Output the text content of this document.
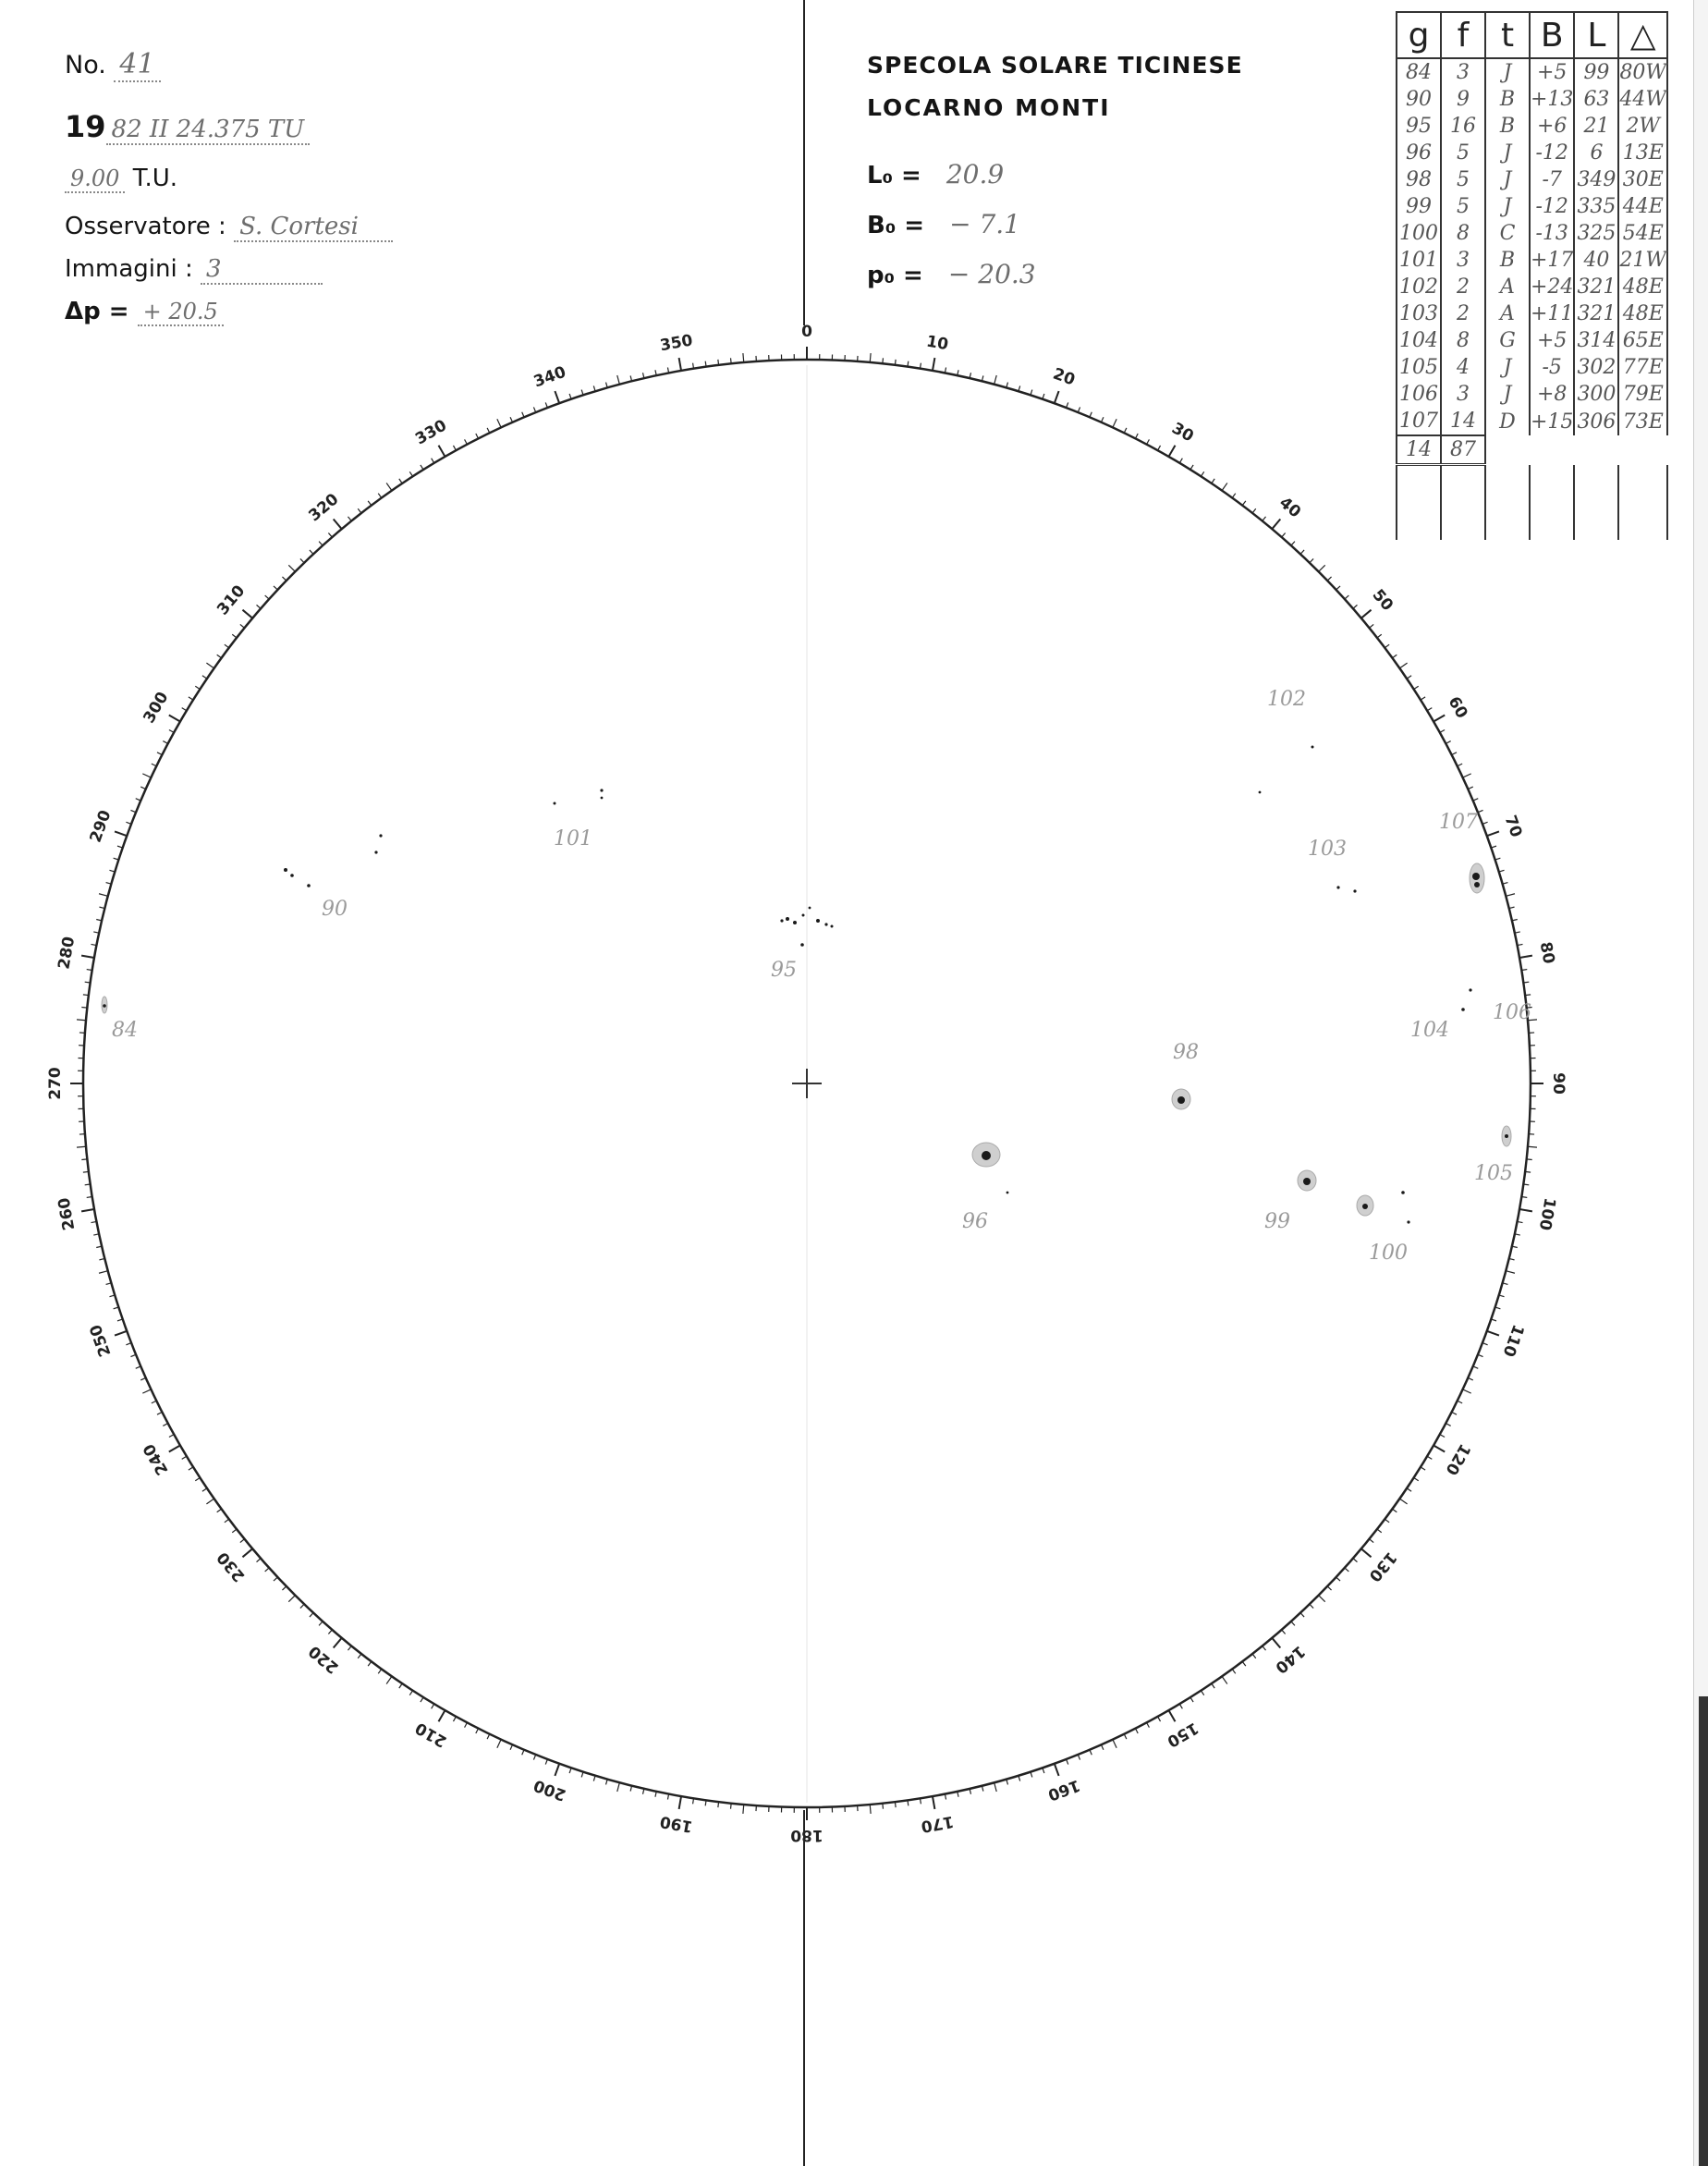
No. 41
19 82 II 24.375 TU
9.00 T.U.
Osservatore : S. Cortesi
Immagini : 3
Δp = + 20.5
SPECOLA SOLARE TICINESE
LOCARNO MONTI
L₀ = 20.9
B₀ = − 7.1
p₀ = − 20.3
g	f	t	B	L	△
84	3	J	+5	99	80W
90	9	B	+13	63	44W
95	16	B	+6	21	2W
96	5	J	-12	6	13E
98	5	J	-7	349	30E
99	5	J	-12	335	44E
100	8	C	-13	325	54E
101	3	B	+17	40	21W
102	2	A	+24	321	48E
103	2	A	+11	321	48E
104	8	G	+5	314	65E
105	4	J	-5	302	77E
106	3	J	+8	300	79E
107	14	D	+15	306	73E
14	87				

0
10
20
30
40
50
60
70
80
90
100
110
120
130
140
150
160
170
180
190
200
210
220
230
240
250
260
270
280
290
300
310
320
330
340
350
84
90
95
96
98
99
100
101
102
103
104
105
106
107
